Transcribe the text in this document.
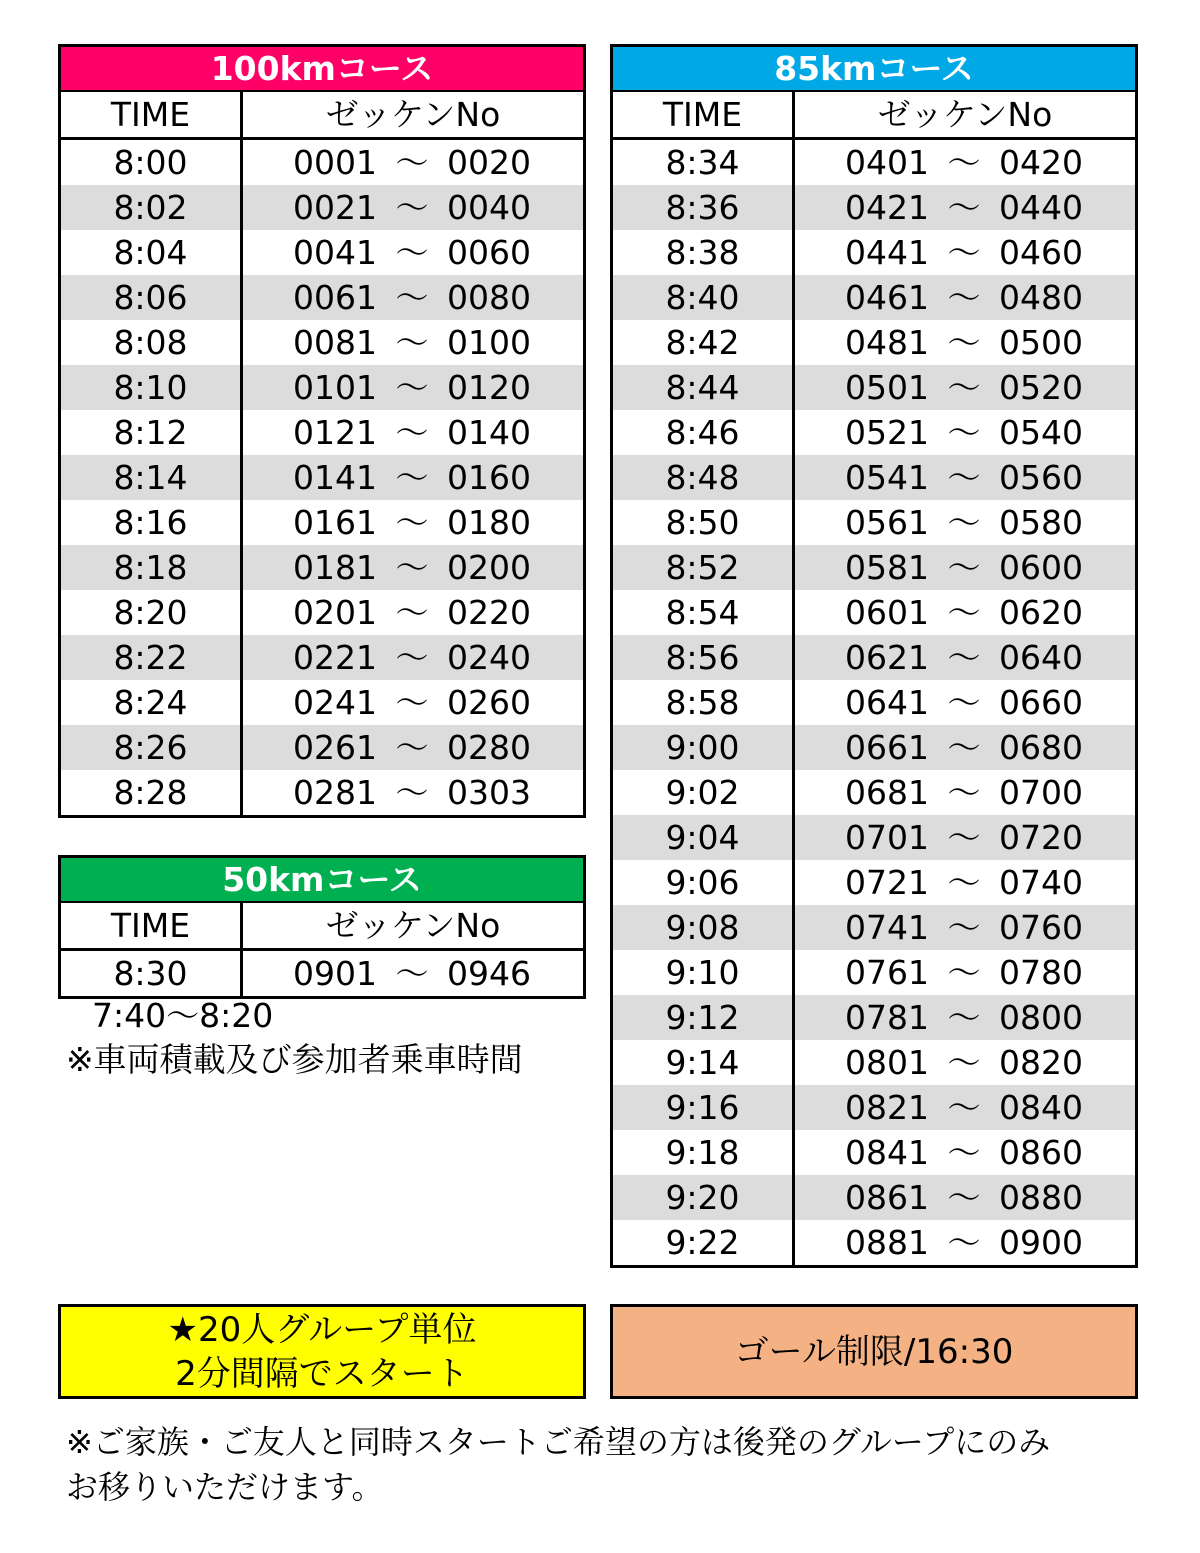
100kmコース	
TIME	ゼッケンNo
8:00	0001 ～ 0020

8:02	0021 ～ 0040

8:04	0041 ～ 0060

8:06	0061 ～ 0080

8:08	0081 ～ 0100

8:10	0101 ～ 0120

8:12	0121 ～ 0140

8:14	0141 ～ 0160

8:16	0161 ～ 0180

8:18	0181 ～ 0200

8:20	0201 ～ 0220

8:22	0221 ～ 0240

8:24	0241 ～ 0260

8:26	0261 ～ 0280

8:28	0281 ～ 0303
85kmコース	
TIME	ゼッケンNo
8:34	0401 ～ 0420

8:36	0421 ～ 0440

8:38	0441 ～ 0460

8:40	0461 ～ 0480

8:42	0481 ～ 0500

8:44	0501 ～ 0520

8:46	0521 ～ 0540

8:48	0541 ～ 0560

8:50	0561 ～ 0580

8:52	0581 ～ 0600

8:54	0601 ～ 0620

8:56	0621 ～ 0640

8:58	0641 ～ 0660

9:00	0661 ～ 0680

9:02	0681 ～ 0700

9:04	0701 ～ 0720

9:06	0721 ～ 0740

9:08	0741 ～ 0760

9:10	0761 ～ 0780

9:12	0781 ～ 0800

9:14	0801 ～ 0820

9:16	0821 ～ 0840

9:18	0841 ～ 0860

9:20	0861 ～ 0880

9:22	0881 ～ 0900
50kmコース	
TIME	ゼッケンNo
8:30	0901 ～ 0946
7:40～8:20
※車両積載及び参加者乗車時間
★20人グループ単位
2分間隔でスタート
ゴール制限/16:30
※ご家族・ご友人と同時スタートご希望の方は後発のグループにのみ
お移りいただけます。
